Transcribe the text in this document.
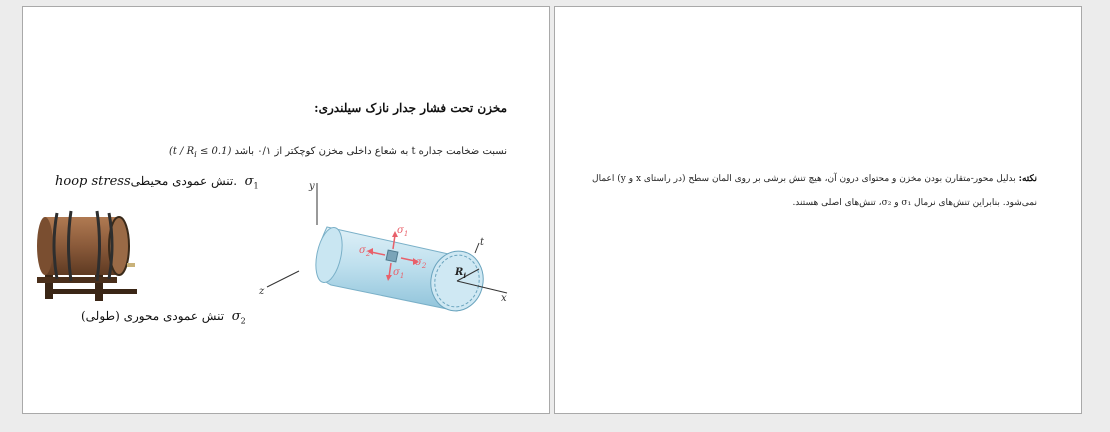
مخزن تحت فشار جدار نازک سیلندری:
نسبت ضخامت جداره t به شعاع داخلی مخزن کوچکتر از ۰/۱ باشد $(t / R_i \le 0.1)$
hoop stress.تنش عمودی محیطی $\sigma_1$
تنش عمودی محوری (طولی) $\sigma_2$
y
z
x
$R_i$
t
$\sigma_1$
$\sigma_1$
$\sigma_2$
$\sigma_2$
نکته: بدلیل محور-متقارن بودن مخزن و محتوای درون آن، هیچ تنش برشی بر روی المان سطح (در راستای x و y) اعمال
نمی‌شود. بنابراین تنش‌های نرمال σ₁ و σ₂، تنش‌های اصلی هستند.
